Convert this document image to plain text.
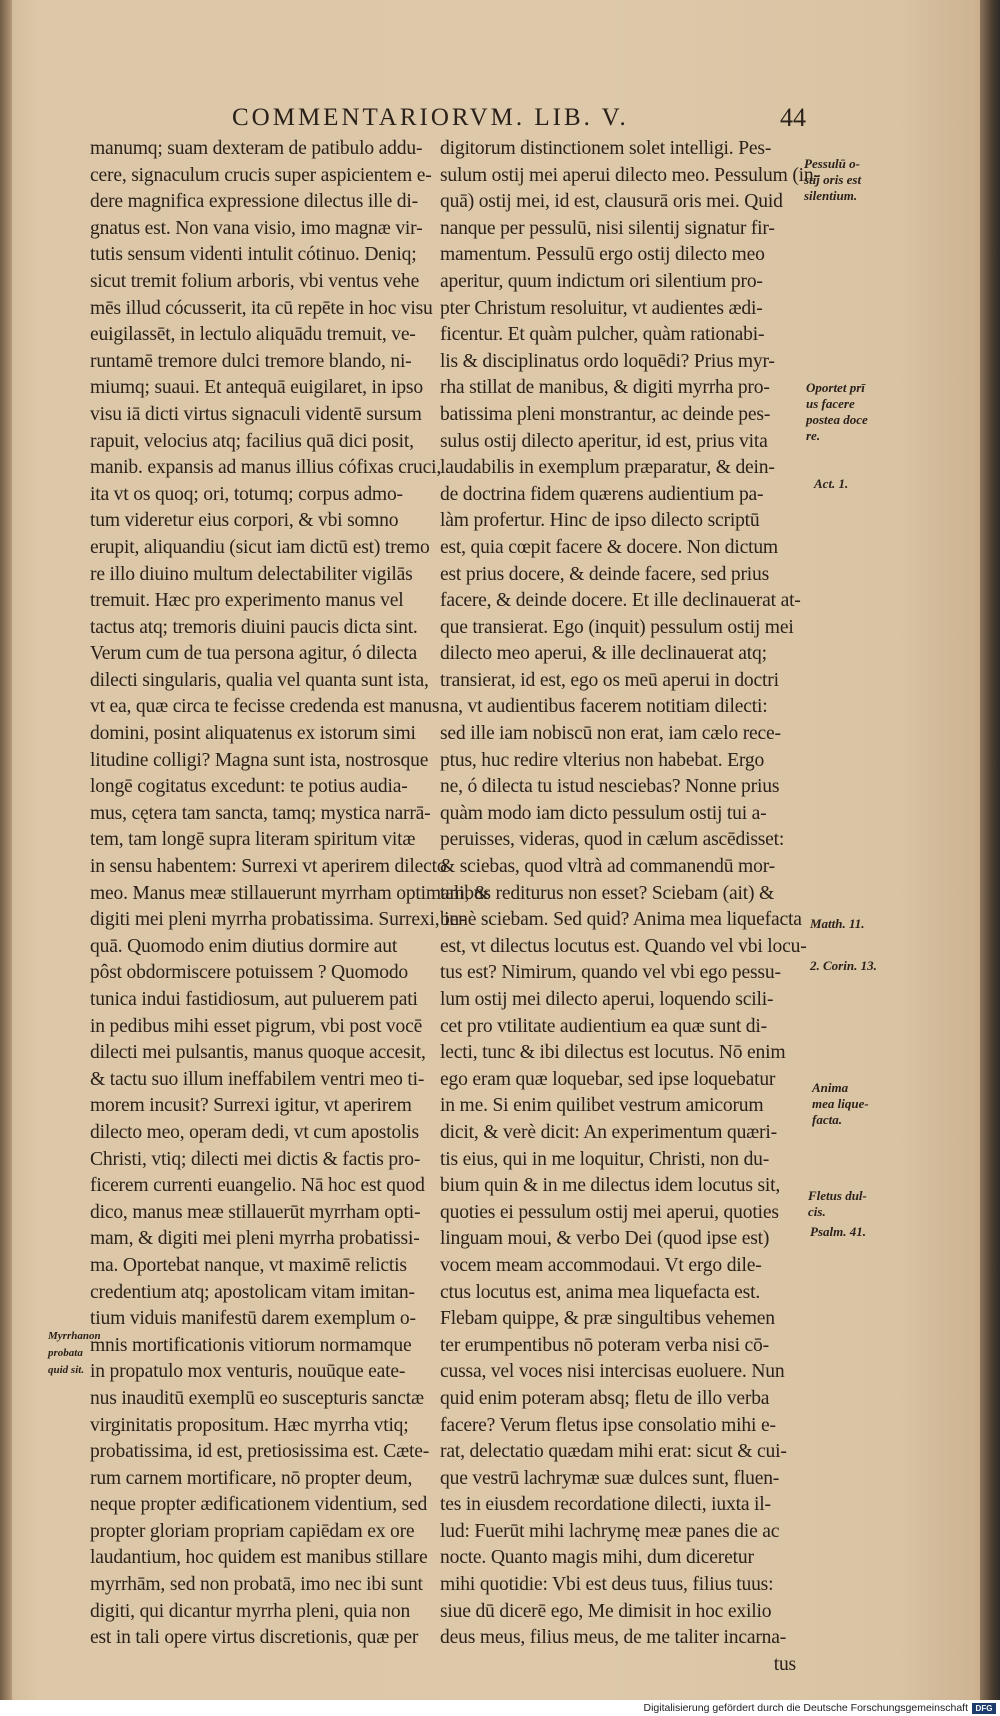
COMMENTARIORVM. LIB. V.	44

manumq; suam dexteram de patibulo addu-

cere, signaculum crucis super aspicientem e-

dere magnifica expressione dilectus ille di-

gnatus est. Non vana visio, imo magnæ vir-

tutis sensum videnti intulit cótinuo. Deniq;

sicut tremit folium arboris, vbi ventus vehe

mēs illud cócusserit, ita cū repēte in hoc visu

euigilassēt, in lectulo aliquādu tremuit, ve-

runtamē tremore dulci tremore blando, ni-

miumq; suaui. Et antequā euigilaret, in ipso

visu iā dicti virtus signaculi videntē sursum

rapuit, velocius atq; facilius quā dici posit,

manib. expansis ad manus illius cófixas cruci,

ita vt os quoq; ori, totumq; corpus admo-

tum videretur eius corpori, & vbi somno

erupit, aliquandiu (sicut iam dictū est) tremo

re illo diuino multum delectabiliter vigilās

tremuit. Hæc pro experimento manus vel

tactus atq; tremoris diuini paucis dicta sint.

Verum cum de tua persona agitur, ó dilecta

dilecti singularis, qualia vel quanta sunt ista,

vt ea, quæ circa te fecisse credenda est manus

domini, posint aliquatenus ex istorum simi

litudine colligi? Magna sunt ista, nostrosque

longē cogitatus excedunt: te potius audia-

mus, cętera tam sancta, tamq; mystica narrā-

tem, tam longē supra literam spiritum vitæ

in sensu habentem: Surrexi vt aperirem dilecto

meo. Manus meæ stillauerunt myrrham optimam, &

digiti mei pleni myrrha probatissima. Surrexi, in-

quā. Quomodo enim diutius dormire aut

pôst obdormiscere potuissem ? Quomodo

tunica indui fastidiosum, aut puluerem pati

in pedibus mihi esset pigrum, vbi post vocē

dilecti mei pulsantis, manus quoque accesit,

& tactu suo illum ineffabilem ventri meo ti-

morem incusit? Surrexi igitur, vt aperirem

dilecto meo, operam dedi, vt cum apostolis

Christi, vtiq; dilecti mei dictis & factis pro-

ficerem currenti euangelio. Nā hoc est quod

dico, manus meæ stillauerūt myrrham opti-

mam, & digiti mei pleni myrrha probatissi-

ma. Oportebat nanque, vt maximē relictis

credentium atq; apostolicam vitam imitan-

tium viduis manifestū darem exemplum o-

mnis mortificationis vitiorum normamque

in propatulo mox venturis, nouūque eate-

nus inauditū exemplū eo suscepturis sanctæ

virginitatis propositum. Hæc myrrha vtiq;

probatissima, id est, pretiosissima est. Cæte-

rum carnem mortificare, nō propter deum,

neque propter ædificationem videntium, sed

propter gloriam propriam capiēdam ex ore

laudantium, hoc quidem est manibus stillare

myrrhām, sed non probatā, imo nec ibi sunt

digiti, qui dicantur myrrha pleni, quia non

est in tali opere virtus discretionis, quæ per

digitorum distinctionem solet intelligi. Pes-

sulum ostij mei aperui dilecto meo. Pessulum (in-

quā) ostij mei, id est, clausurā oris mei. Quid

nanque per pessulū, nisi silentij signatur fir-

mamentum. Pessulū ergo ostij dilecto meo

aperitur, quum indictum ori silentium pro-

pter Christum resoluitur, vt audientes ædi-

ficentur. Et quàm pulcher, quàm rationabi-

lis & disciplinatus ordo loquēdi? Prius myr-

rha stillat de manibus, & digiti myrrha pro-

batissima pleni monstrantur, ac deinde pes-

sulus ostij dilecto aperitur, id est, prius vita

laudabilis in exemplum præparatur, & dein-

de doctrina fidem quærens audientium pa-

làm profertur. Hinc de ipso dilecto scriptū

est, quia cœpit facere & docere. Non dictum

est prius docere, & deinde facere, sed prius

facere, & deinde docere. Et ille declinauerat at-

que transierat. Ego (inquit) pessulum ostij mei

dilecto meo aperui, & ille declinauerat atq;

transierat, id est, ego os meū aperui in doctri

na, vt audientibus facerem notitiam dilecti:

sed ille iam nobiscū non erat, iam cælo rece-

ptus, huc redire vlterius non habebat. Ergo

ne, ó dilecta tu istud nesciebas? Nonne prius

quàm modo iam dicto pessulum ostij tui a-

peruisses, videras, quod in cælum ascēdisset:

& sciebas, quod vltrà ad commanendū mor-

talibus rediturus non esset? Sciebam (ait) &

benè sciebam. Sed quid? Anima mea liquefacta

est, vt dilectus locutus est. Quando vel vbi locu-

tus est? Nimirum, quando vel vbi ego pessu-

lum ostij mei dilecto aperui, loquendo scili-

cet pro vtilitate audientium ea quæ sunt di-

lecti, tunc & ibi dilectus est locutus. Nō enim

ego eram quæ loquebar, sed ipse loquebatur

in me. Si enim quilibet vestrum amicorum

dicit, & verè dicit: An experimentum quæri-

tis eius, qui in me loquitur, Christi, non du-

bium quin & in me dilectus idem locutus sit,

quoties ei pessulum ostij mei aperui, quoties

linguam moui, & verbo Dei (quod ipse est)

vocem meam accommodaui. Vt ergo dile-

ctus locutus est, anima mea liquefacta est.

Flebam quippe, & præ singultibus vehemen

ter erumpentibus nō poteram verba nisi cō-

cussa, vel voces nisi intercisas euoluere. Nun

quid enim poteram absq; fletu de illo verba

facere? Verum fletus ipse consolatio mihi e-

rat, delectatio quædam mihi erat: sicut & cui-

que vestrū lachrymæ suæ dulces sunt, fluen-

tes in eiusdem recordatione dilecti, iuxta il-

lud: Fuerūt mihi lachrymę meæ panes die ac

nocte. Quanto magis mihi, dum diceretur

mihi quotidie: Vbi est deus tuus, filius tuus:

siue dū dicerē ego, Me dimisit in hoc exilio

deus meus, filius meus, de me taliter incarna-

tus

Pessulū o-

stij oris est

silentium.

Oportet prī

us facere

postea doce

re.

Act. 1.

Matth. 11.

2. Corin. 13.

Anima

mea lique-

facta.

Fletus dul-

cis.

Psalm. 41.

Myrrhanon

probata

quid sit.

Digitalisierung gefördert durch die Deutsche Forschungsgemeinschaft DFG
